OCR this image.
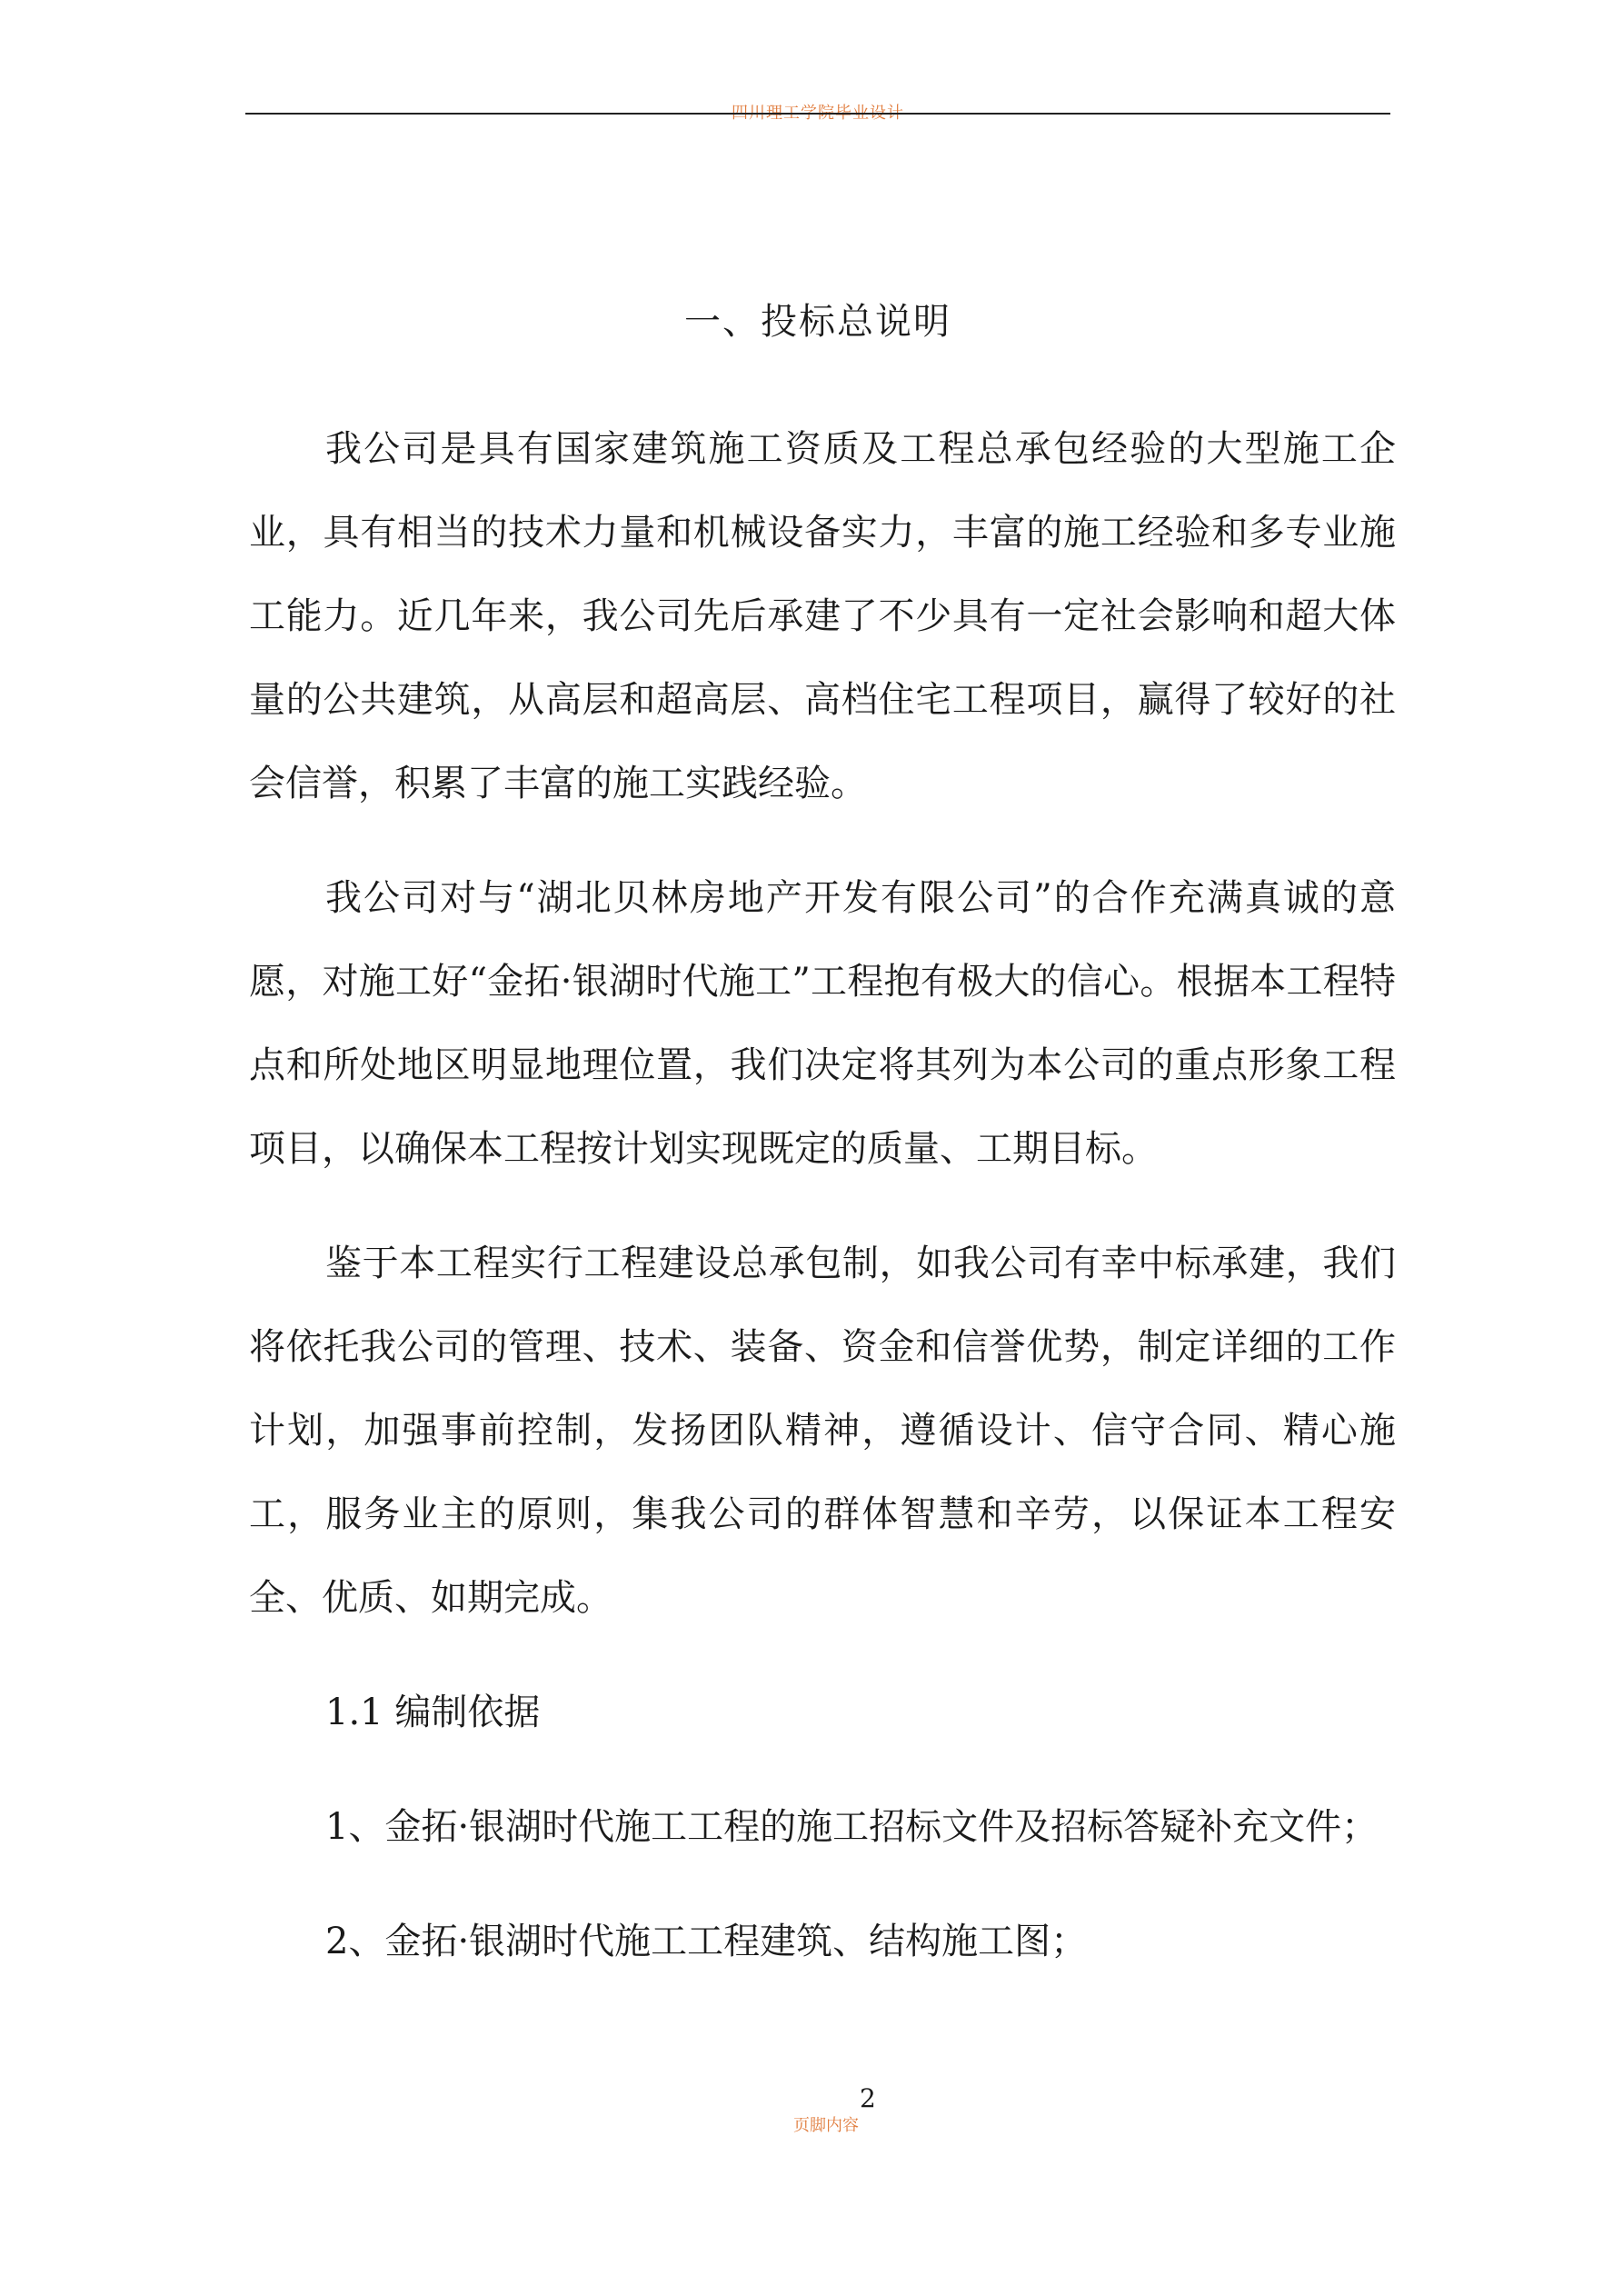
四川理工学院毕业设计
一、投标总说明

我公司是具有国家建筑施工资质及工程总承包经验的大型施工企业，具有相当的技术力量和机械设备实力，丰富的施工经验和多专业施工能力。近几年来，我公司先后承建了不少具有一定社会影响和超大体量的公共建筑，从高层和超高层、高档住宅工程项目，赢得了较好的社会信誉，积累了丰富的施工实践经验。

我公司对与“湖北贝林房地产开发有限公司”的合作充满真诚的意愿，对施工好“金拓·银湖时代施工”工程抱有极大的信心。根据本工程特点和所处地区明显地理位置，我们决定将其列为本公司的重点形象工程项目，以确保本工程按计划实现既定的质量、工期目标。

鉴于本工程实行工程建设总承包制，如我公司有幸中标承建，我们将依托我公司的管理、技术、装备、资金和信誉优势，制定详细的工作计划，加强事前控制，发扬团队精神，遵循设计、信守合同、精心施工，服务业主的原则，集我公司的群体智慧和辛劳，以保证本工程安全、优质、如期完成。

1.1 编制依据

1、金拓·银湖时代施工工程的施工招标文件及招标答疑补充文件；

2、金拓·银湖时代施工工程建筑、结构施工图；

2
页脚内容
